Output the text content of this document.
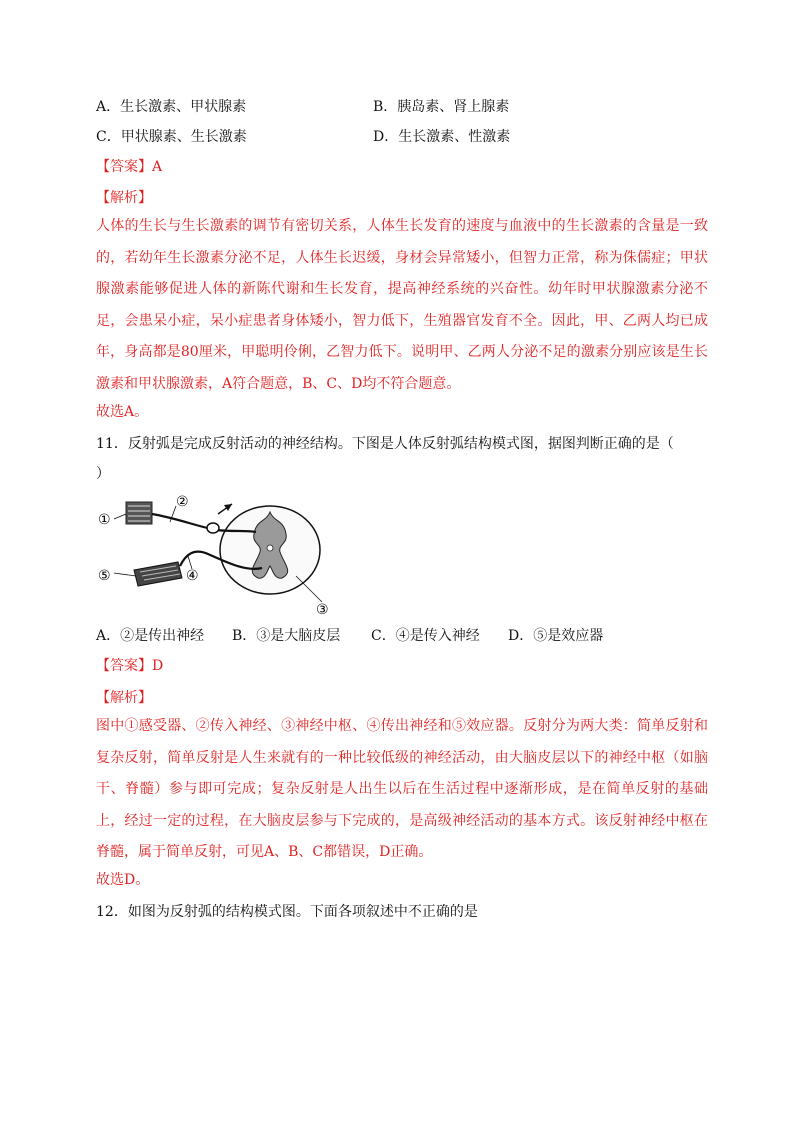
A．生长激素、甲状腺素	B．胰岛素、肾上腺素
C．甲状腺素、生长激素	D．生长激素、性激素
【答案】A
【解析】
人体的生长与生长激素的调节有密切关系，人体生长发育的速度与血液中的生长激素的含量是一致的，若幼年生长激素分泌不足，人体生长迟缓，身材会异常矮小，但智力正常，称为侏儒症；甲状腺激素能够促进人体的新陈代谢和生长发育，提高神经系统的兴奋性。幼年时甲状腺激素分泌不足，会患呆小症，呆小症患者身体矮小，智力低下，生殖器官发育不全。因此，甲、乙两人均已成年，身高都是80厘米，甲聪明伶俐，乙智力低下。说明甲、乙两人分泌不足的激素分别应该是生长激素和甲状腺激素，A符合题意，B、C、D均不符合题意。
故选A。
11．反射弧是完成反射活动的神经结构。下图是人体反射弧结构模式图，据图判断正确的是（
）
①
②
③
④
⑤
A．②是传出神经 B．③是大脑皮层 C．④是传入神经 D．⑤是效应器
【答案】D
【解析】
图中①感受器、②传入神经、③神经中枢、④传出神经和⑤效应器。反射分为两大类：简单反射和复杂反射，简单反射是人生来就有的一种比较低级的神经活动，由大脑皮层以下的神经中枢（如脑干、脊髓）参与即可完成；复杂反射是人出生以后在生活过程中逐渐形成，是在简单反射的基础上，经过一定的过程，在大脑皮层参与下完成的，是高级神经活动的基本方式。该反射神经中枢在脊髓，属于简单反射，可见A、B、C都错误，D正确。
故选D。
12．如图为反射弧的结构模式图。下面各项叙述中不正确的是
